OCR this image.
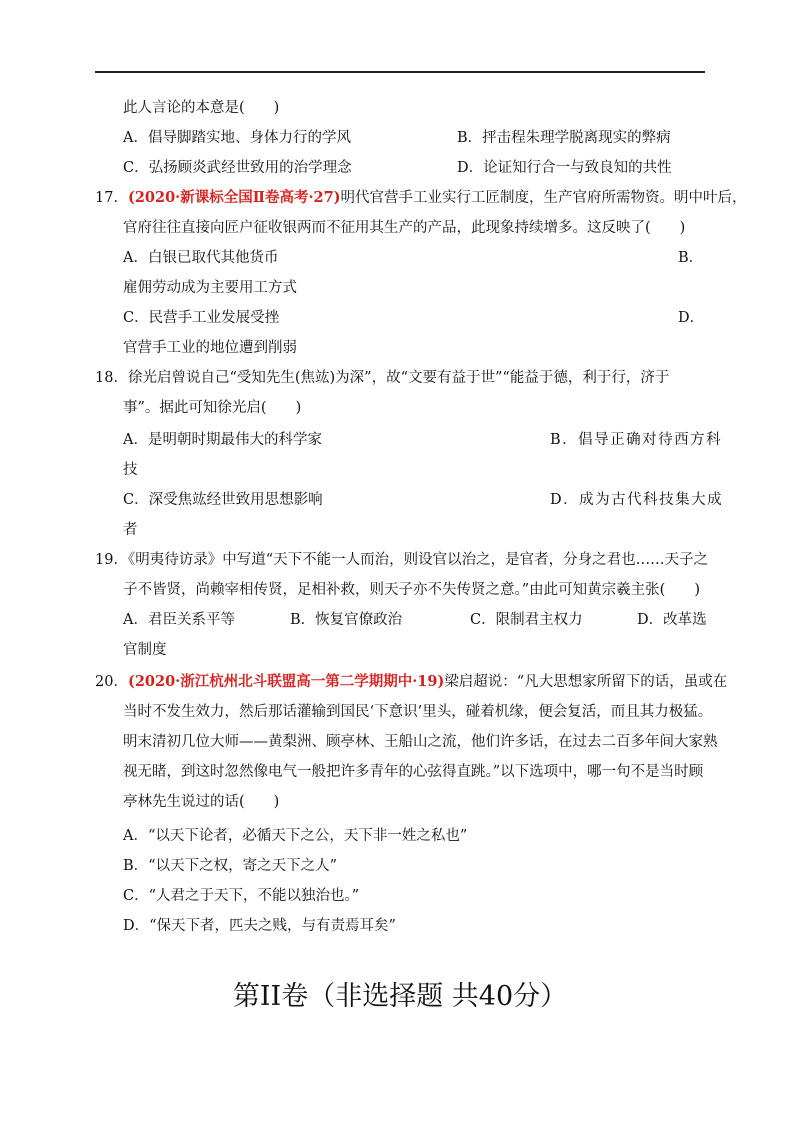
此人言论的本意是(　　)
A．倡导脚踏实地、身体力行的学风	B．抨击程朱理学脱离现实的弊病
C．弘扬顾炎武经世致用的治学理念	D．论证知行合一与致良知的共性
17．(2020·新课标全国Ⅱ卷高考·27)明代官营手工业实行工匠制度，生产官府所需物资。明中叶后，
官府往往直接向匠户征收银两而不征用其生产的产品，此现象持续增多。这反映了(　　)
A．白银已取代其他货币	B．
雇佣劳动成为主要用工方式
C．民营手工业发展受挫	D．
官营手工业的地位遭到削弱
18．徐光启曾说自己“受知先生(焦竑)为深”，故“文要有益于世”“能益于德，利于行，济于
事”。据此可知徐光启(　　)
A．是明朝时期最伟大的科学家	B．倡导正确对待西方科
技
C．深受焦竑经世致用思想影响	D．成为古代科技集大成
者
19．《明夷待访录》中写道“天下不能一人而治，则设官以治之，是官者，分身之君也……天子之
子不皆贤，尚赖宰相传贤，足相补救，则天子亦不失传贤之意。”由此可知黄宗羲主张(　　)
A．君臣关系平等	B．恢复官僚政治	C．限制君主权力	D．改革选
官制度
20．(2020·浙江杭州北斗联盟高一第二学期期中·19)梁启超说：“凡大思想家所留下的话，虽或在
当时不发生效力，然后那话灌输到国民‘下意识’里头，碰着机缘，便会复活，而且其力极猛。
明末清初几位大师——黄梨洲、顾亭林、王船山之流，他们许多话，在过去二百多年间大家熟
视无睹，到这时忽然像电气一般把许多青年的心弦得直跳。”以下选项中，哪一句不是当时顾
亭林先生说过的话(　　)
A．“以天下论者，必循天下之公，天下非一姓之私也”
B．“以天下之权，寄之天下之人”
C．“人君之于天下，不能以独治也。”
D．“保天下者，匹夫之贱，与有责焉耳矣”
第II卷（非选择题 共40分）
